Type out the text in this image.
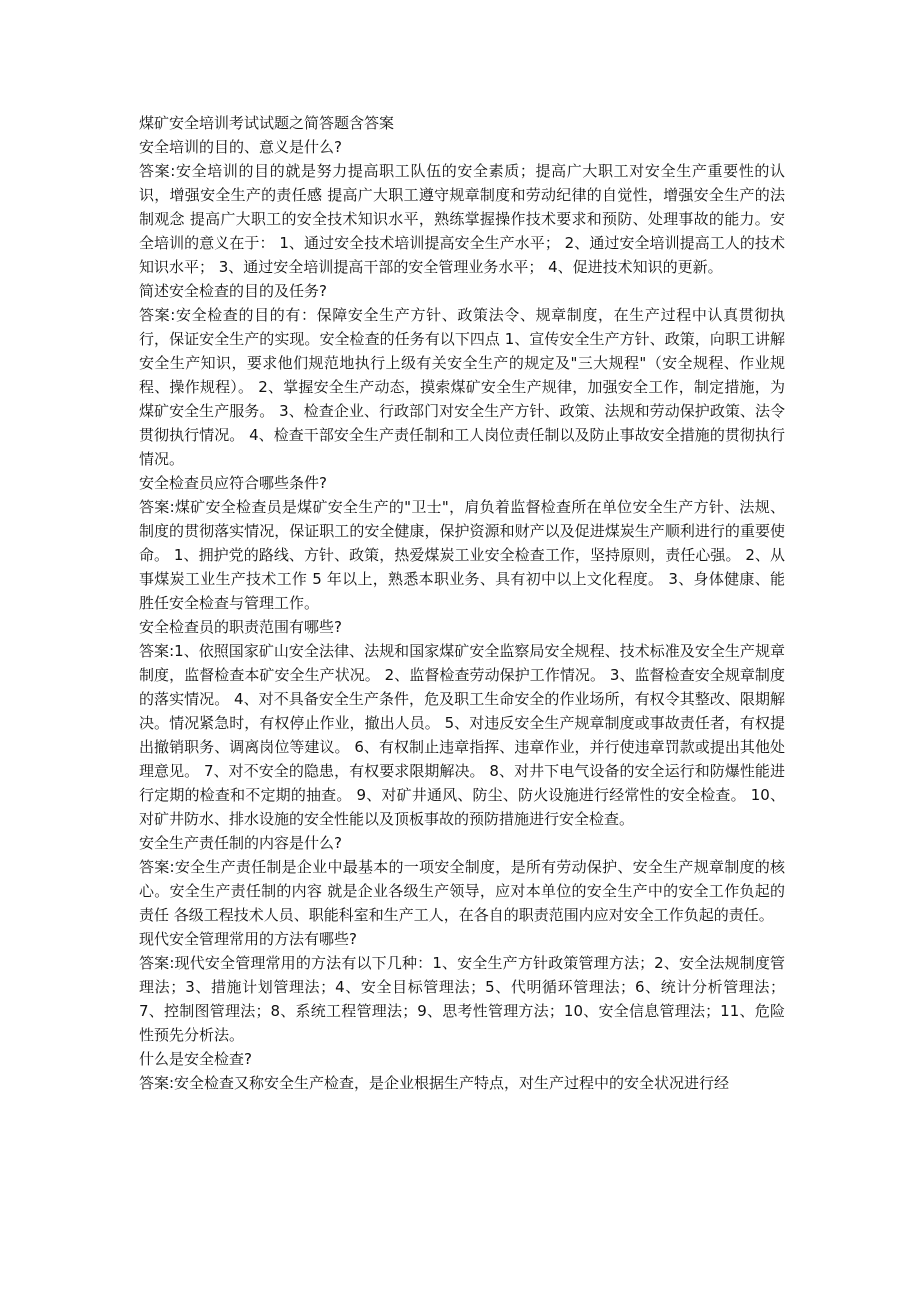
煤矿安全培训考试试题之简答题含答案

安全培训的目的、意义是什么?

答案:安全培训的目的就是努力提高职工队伍的安全素质；提高广大职工对安全生产重要性的认识，增强安全生产的责任感 提高广大职工遵守规章制度和劳动纪律的自觉性，增强安全生产的法制观念 提高广大职工的安全技术知识水平，熟练掌握操作技术要求和预防、处理事故的能力。安全培训的意义在于： 1、通过安全技术培训提高安全生产水平； 2、通过安全培训提高工人的技术知识水平； 3、通过安全培训提高干部的安全管理业务水平； 4、促进技术知识的更新。

简述安全检查的目的及任务?

答案:安全检查的目的有：保障安全生产方针、政策法令、规章制度，在生产过程中认真贯彻执行，保证安全生产的实现。安全检查的任务有以下四点 1、宣传安全生产方针、政策，向职工讲解安全生产知识，要求他们规范地执行上级有关安全生产的规定及"三大规程"（安全规程、作业规程、操作规程）。 2、掌握安全生产动态，摸索煤矿安全生产规律，加强安全工作，制定措施，为煤矿安全生产服务。 3、检查企业、行政部门对安全生产方针、政策、法规和劳动保护政策、法令贯彻执行情况。 4、检查干部安全生产责任制和工人岗位责任制以及防止事故安全措施的贯彻执行情况。

安全检查员应符合哪些条件?

答案:煤矿安全检查员是煤矿安全生产的"卫士"，肩负着监督检查所在单位安全生产方针、法规、制度的贯彻落实情况，保证职工的安全健康，保护资源和财产以及促进煤炭生产顺利进行的重要使命。 1、拥护党的路线、方针、政策，热爱煤炭工业安全检查工作，坚持原则，责任心强。 2、从事煤炭工业生产技术工作 5 年以上，熟悉本职业务、具有初中以上文化程度。 3、身体健康、能胜任安全检查与管理工作。

安全检查员的职责范围有哪些?

答案:1、依照国家矿山安全法律、法规和国家煤矿安全监察局安全规程、技术标准及安全生产规章制度，监督检查本矿安全生产状况。 2、监督检查劳动保护工作情况。 3、监督检查安全规章制度的落实情况。 4、对不具备安全生产条件，危及职工生命安全的作业场所，有权令其整改、限期解决。情况紧急时，有权停止作业，撤出人员。 5、对违反安全生产规章制度或事故责任者，有权提出撤销职务、调离岗位等建议。 6、有权制止违章指挥、违章作业，并行使违章罚款或提出其他处理意见。 7、对不安全的隐患，有权要求限期解决。 8、对井下电气设备的安全运行和防爆性能进行定期的检查和不定期的抽查。 9、对矿井通风、防尘、防火设施进行经常性的安全检查。 10、对矿井防水、排水设施的安全性能以及顶板事故的预防措施进行安全检查。

安全生产责任制的内容是什么?

答案:安全生产责任制是企业中最基本的一项安全制度，是所有劳动保护、安全生产规章制度的核心。安全生产责任制的内容 就是企业各级生产领导，应对本单位的安全生产中的安全工作负起的责任 各级工程技术人员、职能科室和生产工人，在各自的职责范围内应对安全工作负起的责任。

现代安全管理常用的方法有哪些?

答案:现代安全管理常用的方法有以下几种：1、安全生产方针政策管理方法；2、安全法规制度管理法；3、措施计划管理法；4、安全目标管理法；5、代明循环管理法；6、统计分析管理法；7、控制图管理法；8、系统工程管理法；9、思考性管理方法；10、安全信息管理法；11、危险性预先分析法。

什么是安全检查?

答案:安全检查又称安全生产检查，是企业根据生产特点，对生产过程中的安全状况进行经
